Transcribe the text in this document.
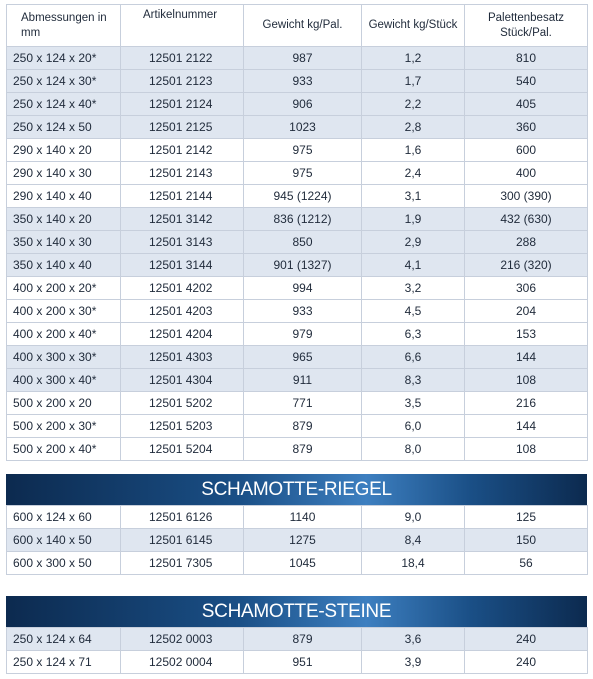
Abmessungen in mm	Artikelnummer	Gewicht kg/Pal.	Gewicht kg/Stück	Palettenbesatz Stück/Pal.
250 x 124 x 20*	12501 2122	987	1,2	810
250 x 124 x 30*	12501 2123	933	1,7	540
250 x 124 x 40*	12501 2124	906	2,2	405
250 x 124 x 50	12501 2125	1023	2,8	360
290 x 140 x 20	12501 2142	975	1,6	600
290 x 140 x 30	12501 2143	975	2,4	400
290 x 140 x 40	12501 2144	945 (1224)	3,1	300 (390)
350 x 140 x 20	12501 3142	836 (1212)	1,9	432 (630)
350 x 140 x 30	12501 3143	850	2,9	288
350 x 140 x 40	12501 3144	901 (1327)	4,1	216 (320)
400 x 200 x 20*	12501 4202	994	3,2	306
400 x 200 x 30*	12501 4203	933	4,5	204
400 x 200 x 40*	12501 4204	979	6,3	153
400 x 300 x 30*	12501 4303	965	6,6	144
400 x 300 x 40*	12501 4304	911	8,3	108
500 x 200 x 20	12501 5202	771	3,5	216
500 x 200 x 30*	12501 5203	879	6,0	144
500 x 200 x 40*	12501 5204	879	8,0	108
SCHAMOTTE-RIEGEL
600 x 124 x 60	12501 6126	1140	9,0	125
600 x 140 x 50	12501 6145	1275	8,4	150
600 x 300 x 50	12501 7305	1045	18,4	56
SCHAMOTTE-STEINE
250 x 124 x 64	12502 0003	879	3,6	240
250 x 124 x 71	12502 0004	951	3,9	240
